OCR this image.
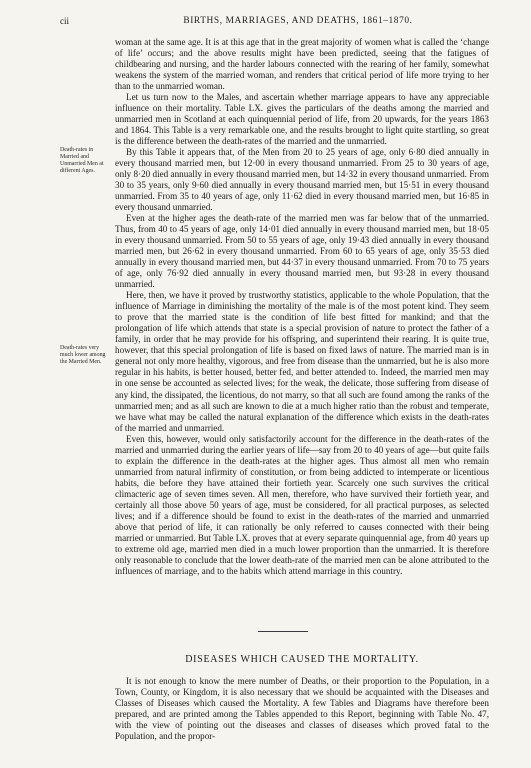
cii	BIRTHS, MARRIAGES, AND DEATHS, 1861–1870.
Death-rates in Married and Unmarried Men at different Ages.
Death-rates very much lower among the Married Men.

woman at the same age. It is at this age that in the great majority of women what is called the ‘change of life’ occurs; and the above results might have been predicted, seeing that the fatigues of childbearing and nursing, and the harder labours connected with the rearing of her family, somewhat weakens the system of the married woman, and renders that critical period of life more trying to her than to the unmarried woman.

Let us turn now to the Males, and ascertain whether marriage appears to have any appreciable influence on their mortality. Table LX. gives the particulars of the deaths among the married and unmarried men in Scotland at each quinquennial period of life, from 20 upwards, for the years 1863 and 1864. This Table is a very remarkable one, and the results brought to light quite startling, so great is the difference between the death-rates of the married and the unmarried.

By this Table it appears that, of the Men from 20 to 25 years of age, only 6·80 died annually in every thousand married men, but 12·00 in every thousand unmarried. From 25 to 30 years of age, only 8·20 died annually in every thousand married men, but 14·32 in every thousand unmarried. From 30 to 35 years, only 9·60 died annually in every thousand married men, but 15·51 in every thousand unmarried. From 35 to 40 years of age, only 11·62 died in every thousand married men, but 16·85 in every thousand unmarried.

Even at the higher ages the death-rate of the married men was far below that of the unmarried. Thus, from 40 to 45 years of age, only 14·01 died annually in every thousand married men, but 18·05 in every thousand unmarried. From 50 to 55 years of age, only 19·43 died annually in every thousand married men, but 26·62 in every thousand unmarried. From 60 to 65 years of age, only 35·53 died annually in every thousand married men, but 44·37 in every thousand unmarried. From 70 to 75 years of age, only 76·92 died annually in every thousand married men, but 93·28 in every thousand unmarried.

Here, then, we have it proved by trustworthy statistics, applicable to the whole Population, that the influence of Marriage in diminishing the mortality of the male is of the most potent kind. They seem to prove that the married state is the condition of life best fitted for mankind; and that the prolongation of life which attends that state is a special provision of nature to protect the father of a family, in order that he may provide for his offspring, and superintend their rearing. It is quite true, however, that this special prolongation of life is based on fixed laws of nature. The married man is in general not only more healthy, vigorous, and free from disease than the unmarried, but he is also more regular in his habits, is better housed, better fed, and better attended to. Indeed, the married men may in one sense be accounted as selected lives; for the weak, the delicate, those suffering from disease of any kind, the dissipated, the licentious, do not marry, so that all such are found among the ranks of the unmarried men; and as all such are known to die at a much higher ratio than the robust and temperate, we have what may be called the natural explanation of the difference which exists in the death-rates of the married and unmarried.

Even this, however, would only satisfactorily account for the difference in the death-rates of the married and unmarried during the earlier years of life—say from 20 to 40 years of age—but quite fails to explain the difference in the death-rates at the higher ages. Thus almost all men who remain unmarried from natural infirmity of constitution, or from being addicted to intemperate or licentious habits, die before they have attained their fortieth year. Scarcely one such survives the critical climacteric age of seven times seven. All men, therefore, who have survived their fortieth year, and certainly all those above 50 years of age, must be considered, for all practical purposes, as selected lives; and if a difference should be found to exist in the death-rates of the married and unmarried above that period of life, it can rationally be only referred to causes connected with their being married or unmarried. But Table LX. proves that at every separate quinquennial age, from 40 years up to extreme old age, married men died in a much lower proportion than the unmarried. It is therefore only reasonable to conclude that the lower death-rate of the married men can be alone attributed to the influences of marriage, and to the habits which attend marriage in this country.

DISEASES WHICH CAUSED THE MORTALITY.

It is not enough to know the mere number of Deaths, or their proportion to the Population, in a Town, County, or Kingdom, it is also necessary that we should be acquainted with the Diseases and Classes of Diseases which caused the Mortality. A few Tables and Diagrams have therefore been prepared, and are printed among the Tables appended to this Report, beginning with Table No. 47, with the view of pointing out the diseases and classes of diseases which proved fatal to the Population, and the propor-
